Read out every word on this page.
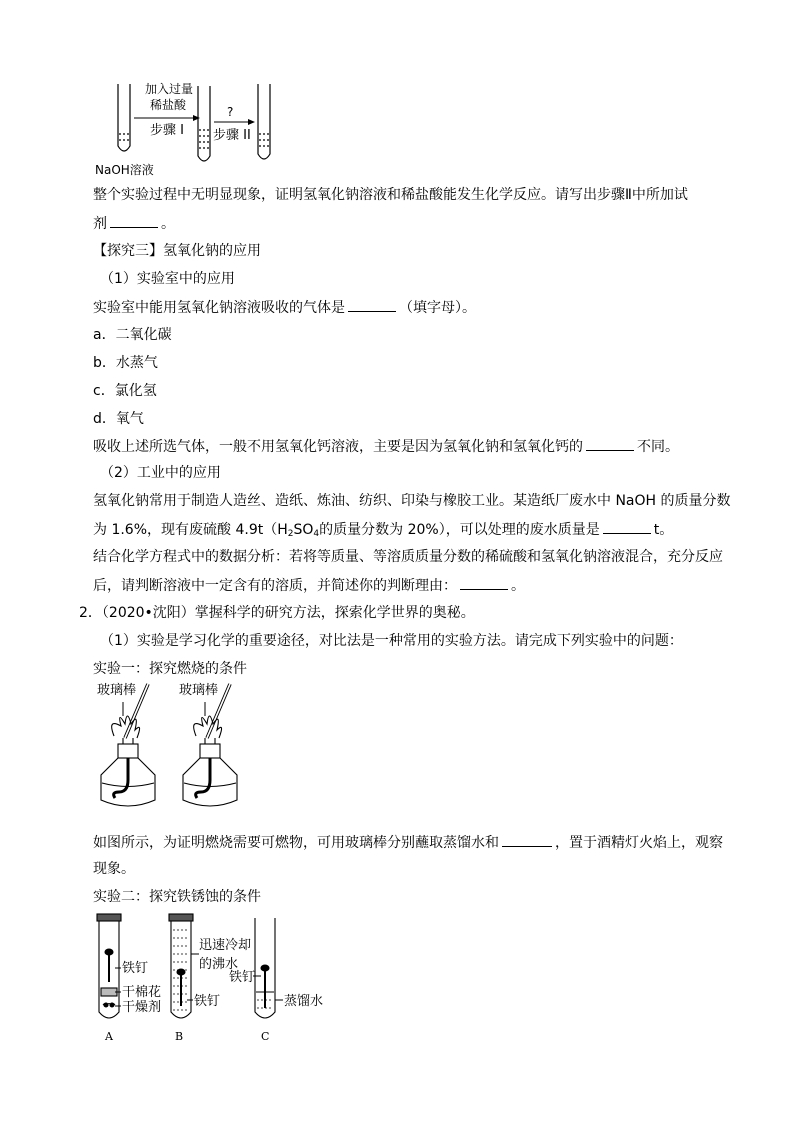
加入过量
稀盐酸
步骤 I
?
步骤 II
NaOH溶液
整个实验过程中无明显现象，证明氢氧化钠溶液和稀盐酸能发生化学反应。请写出步骤Ⅱ中所加试
剂	。
【探究三】氢氧化钠的应用
（1）实验室中的应用
实验室中能用氢氧化钠溶液吸收的气体是	（填字母）。
a．二氧化碳
b．水蒸气
c．氯化氢
d．氧气
吸收上述所选气体，一般不用氢氧化钙溶液，主要是因为氢氧化钠和氢氧化钙的	不同。
（2）工业中的应用
氢氧化钠常用于制造人造丝、造纸、炼油、纺织、印染与橡胶工业。某造纸厂废水中 NaOH 的质量分数
为 1.6%，现有废硫酸 $4.9t(H_2SO_4$的质量分数为 20%），可以处理的废水质量是	t。
结合化学方程式中的数据分析：若将等质量、等溶质质量分数的稀硫酸和氢氧化钠溶液混合，充分反应
后，请判断溶液中一定含有的溶质，并简述你的判断理由：	。
2．（2020•沈阳）掌握科学的研究方法，探索化学世界的奥秘。
（1）实验是学习化学的重要途径，对比法是一种常用的实验方法。请完成下列实验中的问题：
实验一：探究燃烧的条件
玻璃棒	玻璃棒
如图所示，为证明燃烧需要可燃物，可用玻璃棒分别蘸取蒸馏水和	，置于酒精灯火焰上，观察
现象。
实验二：探究铁锈蚀的条件
铁钉
干棉花
干燥剂
A
迅速冷却
的沸水
铁钉
B
铁钉
蒸馏水
C
